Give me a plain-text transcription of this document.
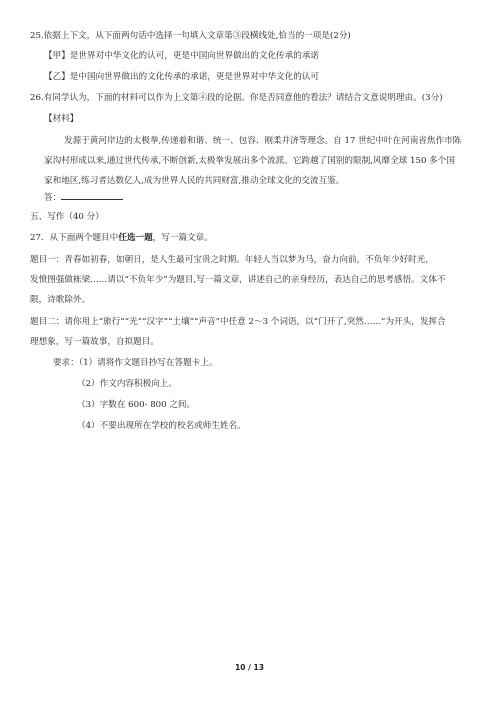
25.依据上下文，从下面两句话中选择一句填入文章第③段横线处,恰当的一项是(2分)
【甲】是世界对中华文化的认可，更是中国向世界做出的文化传承的承诺
【乙】是中国向世界做出的文化传承的承诺，更是世界对中华文化的认可
26.有同学认为，下面的材料可以作为上文第④段的论据。你是否同意他的看法？请结合文意说明理由。(3分)
【材料】
发源于黄河岸边的太极拳,传递着和谐、统一、包容、刚柔并济等理念。自 17 世纪中叶在河南省焦作市陈
家沟村形成以来,通过世代传承,不断创新,太极拳发展出多个流派。它跨越了国别的限制,风靡全球 150 多个国
家和地区,练习者达数亿人,成为世界人民的共同财富,推动全球文化的交流互鉴。
答：
五、写作（40 分）
27．从下面两个题目中任选一题，写一篇文章。
题目一：青春如初春，如朝日，是人生最可宝贵之时期。年轻人当以梦为马，奋力向前，不负年少好时光，
发愤图强做栋梁……请以“不负年少”为题目,写一篇文章，讲述自己的亲身经历，表达自己的思考感悟。文体不
限，诗歌除外。
题目二：请你用上“旅行”“光”“汉字”“土壤”“声音”中任意 2～3 个词语，以“门开了,突然……”为开头，发挥合
理想象，写一篇故事，自拟题目。
要求：（1）请将作文题目抄写在答题卡上。
（2）作文内容积极向上。
（3）字数在 600- 800 之间。
（4）不要出现所在学校的校名或师生姓名。
10 / 13
